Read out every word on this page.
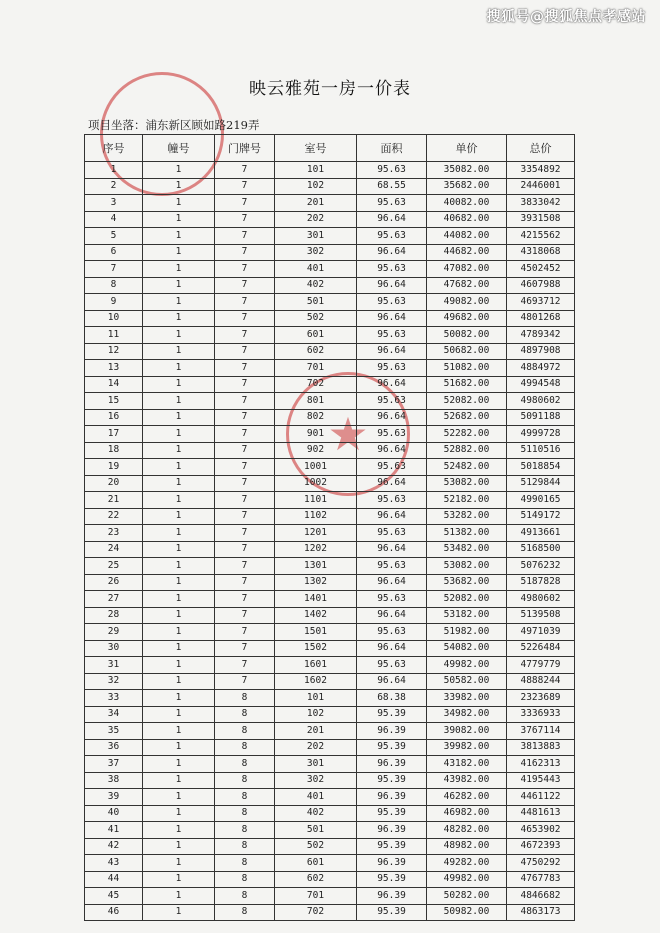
搜狐号@搜狐焦点孝感站
★
映云雅苑一房一价表
项目坐落：浦东新区顾如路219弄
序号	幢号	门牌号	室号	面积	单价	总价
1	1	7	101	95.63	35082.00	3354892
2	1	7	102	68.55	35682.00	2446001
3	1	7	201	95.63	40082.00	3833042
4	1	7	202	96.64	40682.00	3931508
5	1	7	301	95.63	44082.00	4215562
6	1	7	302	96.64	44682.00	4318068
7	1	7	401	95.63	47082.00	4502452
8	1	7	402	96.64	47682.00	4607988
9	1	7	501	95.63	49082.00	4693712
10	1	7	502	96.64	49682.00	4801268
11	1	7	601	95.63	50082.00	4789342
12	1	7	602	96.64	50682.00	4897908
13	1	7	701	95.63	51082.00	4884972
14	1	7	702	96.64	51682.00	4994548
15	1	7	801	95.63	52082.00	4980602
16	1	7	802	96.64	52682.00	5091188
17	1	7	901	95.63	52282.00	4999728
18	1	7	902	96.64	52882.00	5110516
19	1	7	1001	95.63	52482.00	5018854
20	1	7	1002	96.64	53082.00	5129844
21	1	7	1101	95.63	52182.00	4990165
22	1	7	1102	96.64	53282.00	5149172
23	1	7	1201	95.63	51382.00	4913661
24	1	7	1202	96.64	53482.00	5168500
25	1	7	1301	95.63	53082.00	5076232
26	1	7	1302	96.64	53682.00	5187828
27	1	7	1401	95.63	52082.00	4980602
28	1	7	1402	96.64	53182.00	5139508
29	1	7	1501	95.63	51982.00	4971039
30	1	7	1502	96.64	54082.00	5226484
31	1	7	1601	95.63	49982.00	4779779
32	1	7	1602	96.64	50582.00	4888244
33	1	8	101	68.38	33982.00	2323689
34	1	8	102	95.39	34982.00	3336933
35	1	8	201	96.39	39082.00	3767114
36	1	8	202	95.39	39982.00	3813883
37	1	8	301	96.39	43182.00	4162313
38	1	8	302	95.39	43982.00	4195443
39	1	8	401	96.39	46282.00	4461122
40	1	8	402	95.39	46982.00	4481613
41	1	8	501	96.39	48282.00	4653902
42	1	8	502	95.39	48982.00	4672393
43	1	8	601	96.39	49282.00	4750292
44	1	8	602	95.39	49982.00	4767783
45	1	8	701	96.39	50282.00	4846682
46	1	8	702	95.39	50982.00	4863173
